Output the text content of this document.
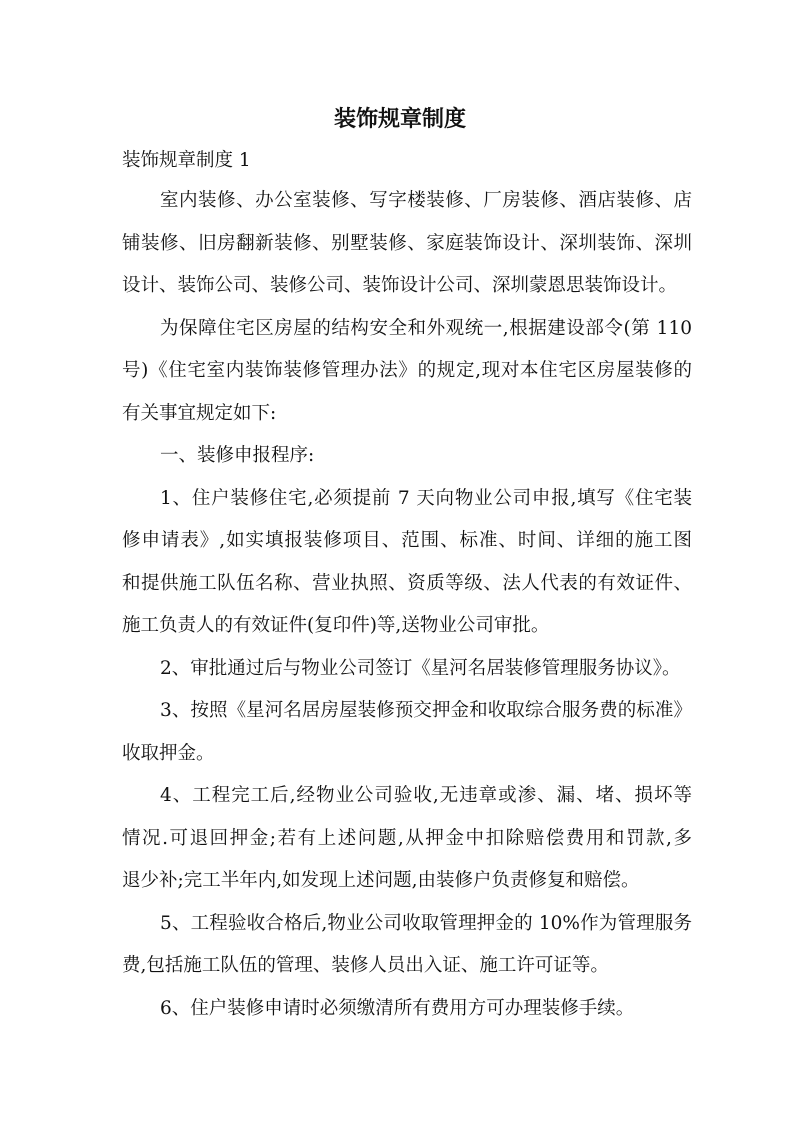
装饰规章制度

装饰规章制度 1

室内装修、办公室装修、写字楼装修、厂房装修、酒店装修、店

铺装修、旧房翻新装修、别墅装修、家庭装饰设计、深圳装饰、深圳

设计、装饰公司、装修公司、装饰设计公司、深圳蒙恩思装饰设计。

为保障住宅区房屋的结构安全和外观统一,根据建设部令(第 110

号)《住宅室内装饰装修管理办法》的规定,现对本住宅区房屋装修的

有关事宜规定如下:

一、装修申报程序:

1、住户装修住宅,必须提前 7 天向物业公司申报,填写《住宅装

修申请表》,如实填报装修项目、范围、标准、时间、详细的施工图

和提供施工队伍名称、营业执照、资质等级、法人代表的有效证件、

施工负责人的有效证件(复印件)等,送物业公司审批。

2、审批通过后与物业公司签订《星河名居装修管理服务协议》。

3、按照《星河名居房屋装修预交押金和收取综合服务费的标准》

收取押金。

4、工程完工后,经物业公司验收,无违章或渗、漏、堵、损坏等

情况.可退回押金;若有上述问题,从押金中扣除赔偿费用和罚款,多

退少补;完工半年内,如发现上述问题,由装修户负责修复和赔偿。

5、工程验收合格后,物业公司收取管理押金的 10%作为管理服务

费,包括施工队伍的管理、装修人员出入证、施工许可证等。

6、住户装修申请时必须缴清所有费用方可办理装修手续。
